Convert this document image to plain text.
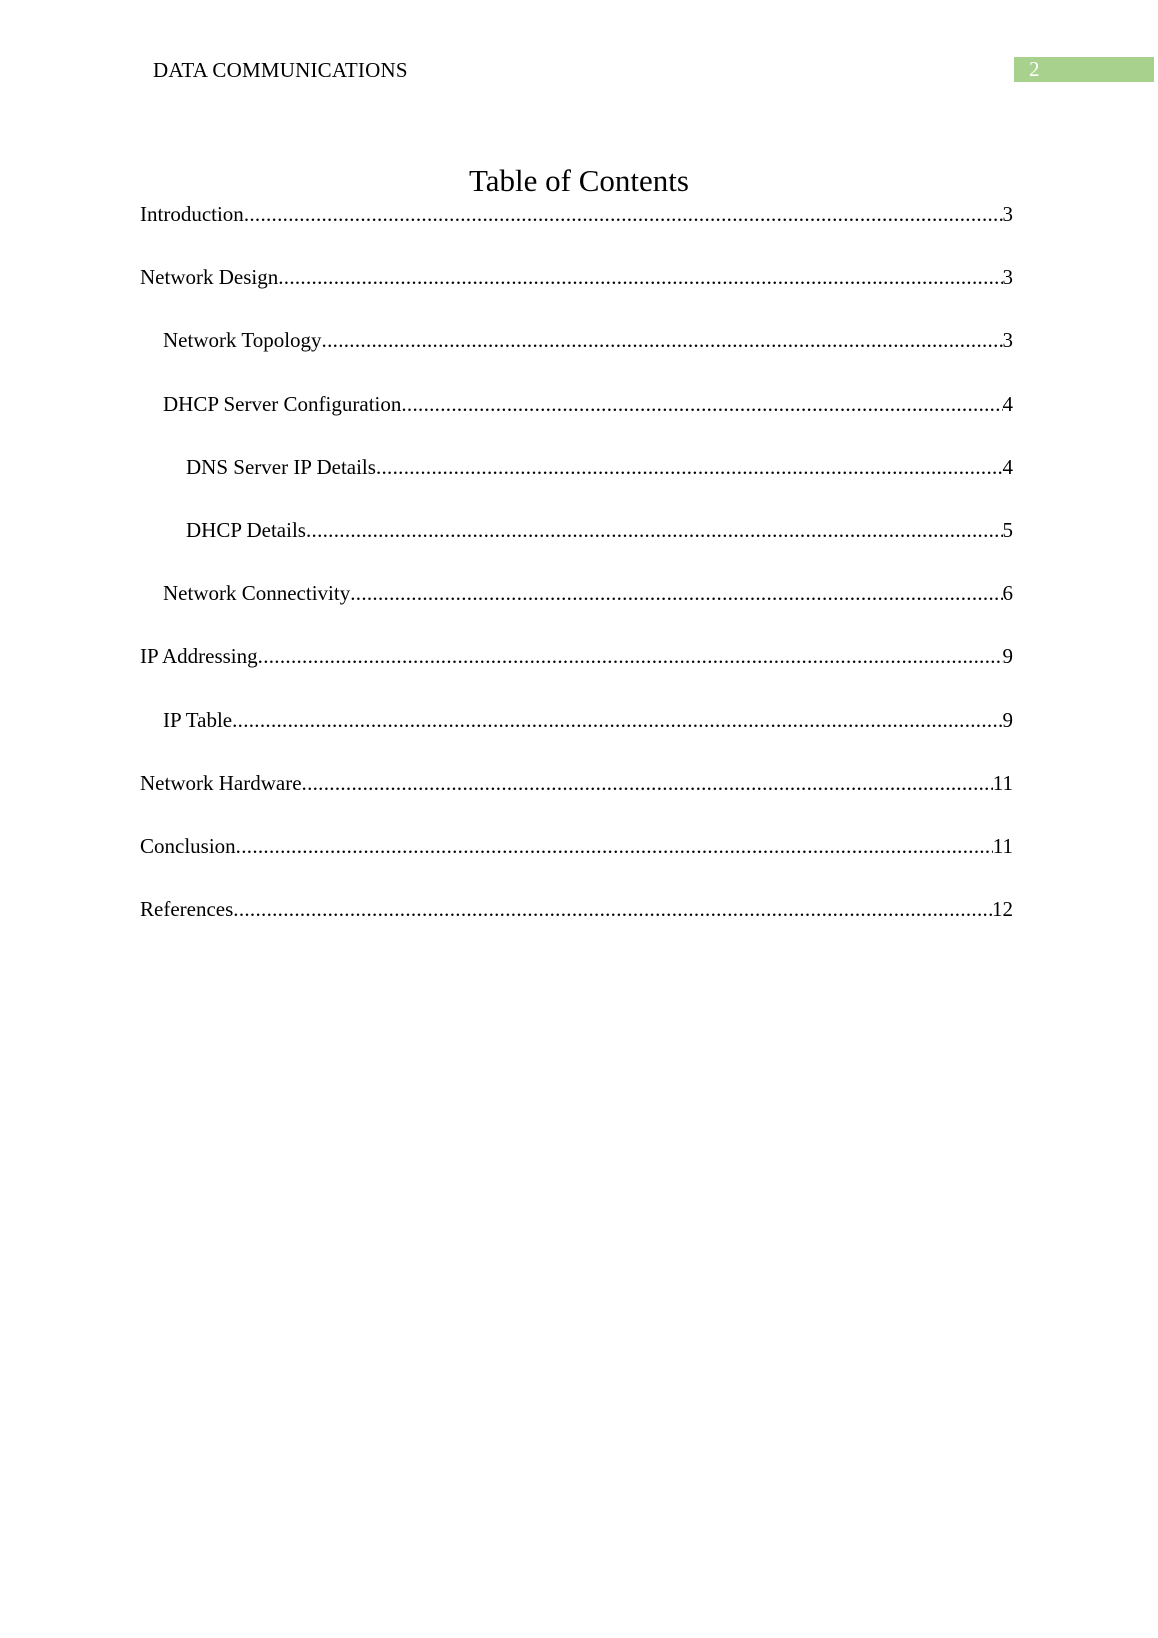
DATA COMMUNICATIONS	2
Table of Contents
Introduction .....	3
Network Design .....	3
Network Topology .....	3
DHCP Server Configuration .....	4
DNS Server IP Details .....	4
DHCP Details .....	5
Network Connectivity .....	6
IP Addressing .....	9
IP Table .....	9
Network Hardware .....	11
Conclusion .....	11
References .....	12
